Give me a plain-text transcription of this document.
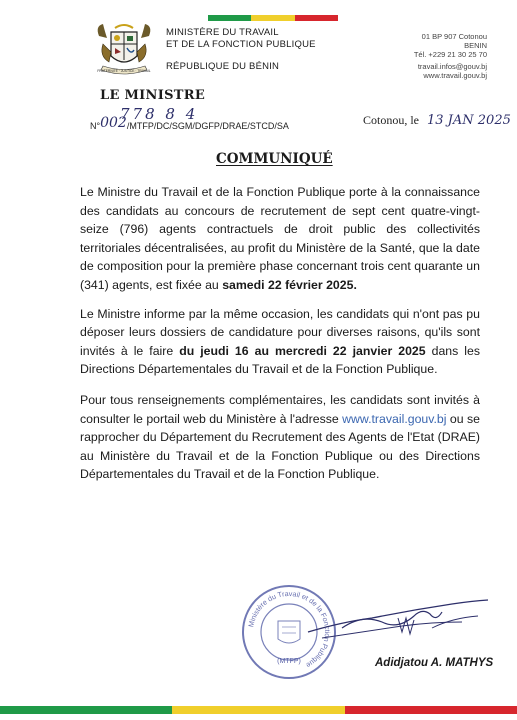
FRATERNITÉ · JUSTICE · TRAVAIL
MINISTÈRE DU TRAVAIL
ET DE LA FONCTION PUBLIQUE
RÉPUBLIQUE DU BÉNIN
01 BP 907 Cotonou
BENIN
Tél. +229 21 30 25 70
travail.infos@gouv.bj
www.travail.gouv.bj
LE MINISTRE
N°002/MTFP/DC/SGM/DGFP/DRAE/STCD/SA
778 8 4	Cotonou, le 13 JAN 2025
COMMUNIQUÉ

Le Ministre du Travail et de la Fonction Publique porte à la connaissance des candidats au concours de recrutement de sept cent quatre-vingt-seize (796) agents contractuels de droit public des collectivités territoriales décentralisées, au profit du Ministère de la Santé, que la date de composition pour la première phase concernant trois cent quarante un (341) agents, est fixée au samedi 22 février 2025.

Le Ministre informe par la même occasion, les candidats qui n'ont pas pu déposer leurs dossiers de candidature pour diverses raisons, qu'ils sont invités à le faire du jeudi 16 au mercredi 22 janvier 2025 dans les Directions Départementales du Travail et de la Fonction Publique.

Pour tous renseignements complémentaires, les candidats sont invités à consulter le portail web du Ministère à l'adresse www.travail.gouv.bj ou se rapprocher du Département du Recrutement des Agents de l'Etat (DRAE) au Ministère du Travail et de la Fonction Publique ou des Directions Départementales du Travail et de la Fonction Publique.

Ministère du Travail et de la Fonction Publique
(MTFP)	Adidjatou A. MATHYS
